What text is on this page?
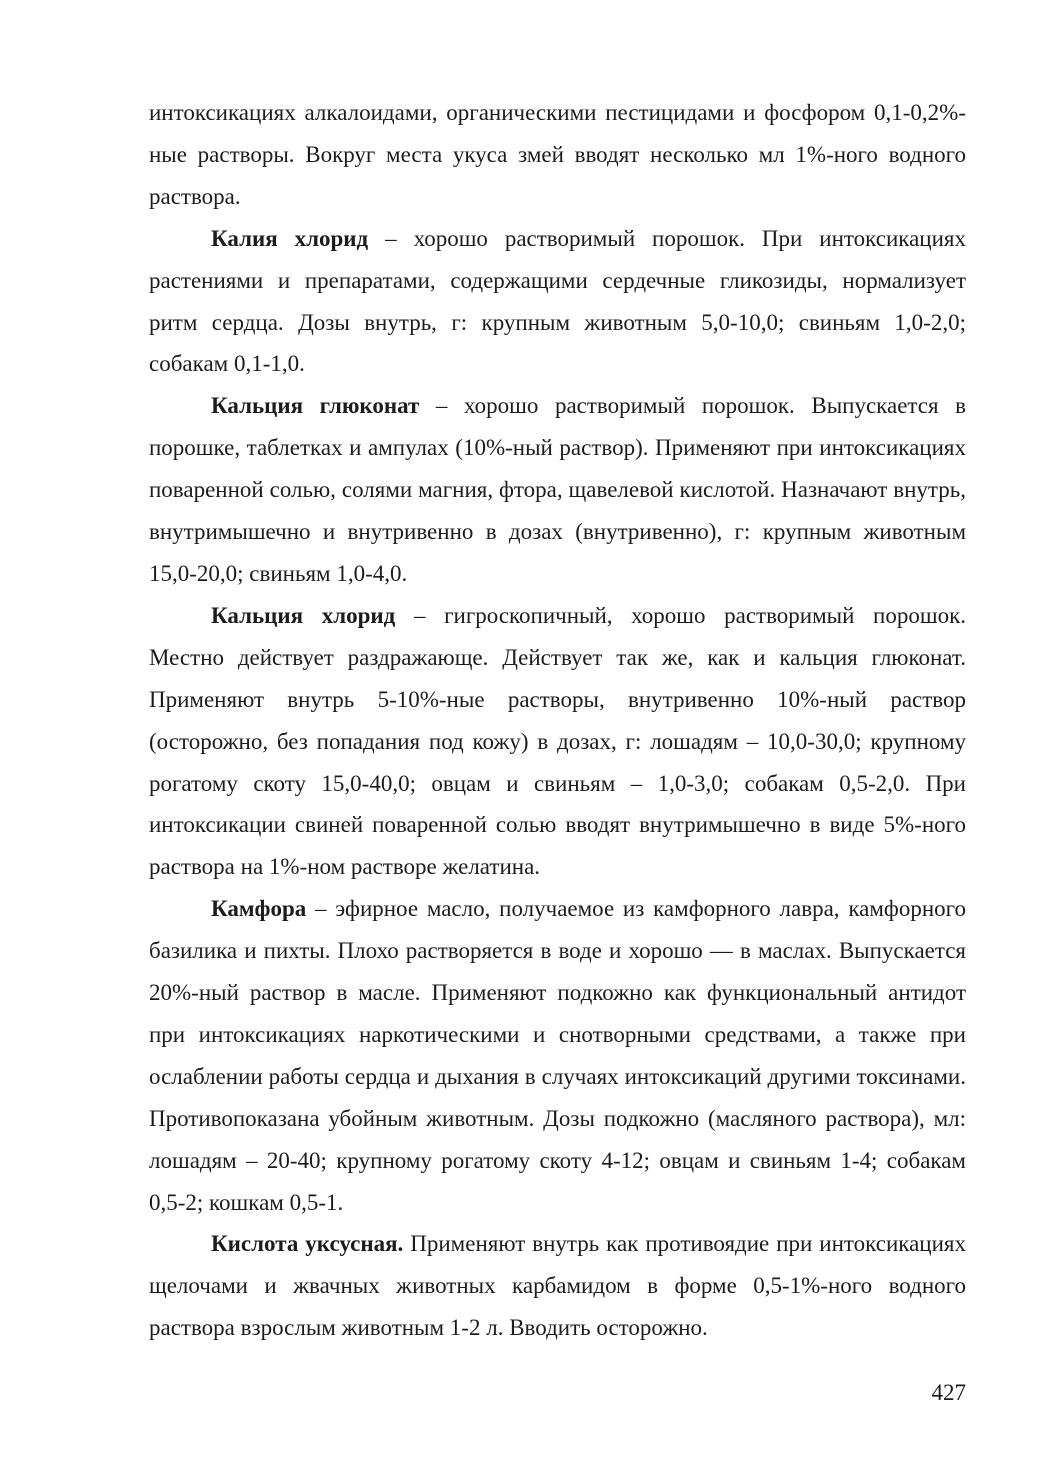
интоксикациях алкалоидами, органическими пестицидами и фосфором 0,1-0,2%-ные растворы. Вокруг места укуса змей вводят несколько мл 1%-ного водного раствора.

Калия хлорид – хорошо растворимый порошок. При интоксикациях растениями и препаратами, содержащими сердечные гликозиды, нормализует ритм сердца. Дозы внутрь, г: крупным животным 5,0-10,0; свиньям 1,0-2,0; собакам 0,1-1,0.

Кальция глюконат – хорошо растворимый порошок. Выпускается в порошке, таблетках и ампулах (10%-ный раствор). Применяют при интоксикациях поваренной солью, солями магния, фтора, щавелевой кислотой. Назначают внутрь, внутримышечно и внутривенно в дозах (внутривенно), г: крупным животным 15,0-20,0; свиньям 1,0-4,0.

Кальция хлорид – гигроскопичный, хорошо растворимый порошок. Местно действует раздражающе. Действует так же, как и кальция глюконат. Применяют внутрь 5-10%-ные растворы, внутривенно 10%-ный раствор (осторожно, без попадания под кожу) в дозах, г: лошадям – 10,0-30,0; крупному рогатому скоту 15,0-40,0; овцам и свиньям – 1,0-3,0; собакам 0,5-2,0. При интоксикации свиней поваренной солью вводят внутримышечно в виде 5%-ного раствора на 1%-ном растворе желатина.

Камфора – эфирное масло, получаемое из камфорного лавра, камфорного базилика и пихты. Плохо растворяется в воде и хорошо — в маслах. Выпускается 20%-ный раствор в масле. Применяют подкожно как функциональный антидот при интоксикациях наркотическими и снотворными средствами, а также при ослаблении работы сердца и дыхания в случаях интоксикаций другими токсинами. Противопоказана убойным животным. Дозы подкожно (масляного раствора), мл: лошадям – 20-40; крупному рогатому скоту 4-12; овцам и свиньям 1-4; собакам 0,5-2; кошкам 0,5-1.

Кислота уксусная. Применяют внутрь как противоядие при интоксикациях щелочами и жвачных животных карбамидом в форме 0,5-1%-ного водного раствора взрослым животным 1-2 л. Вводить осторожно.

427
